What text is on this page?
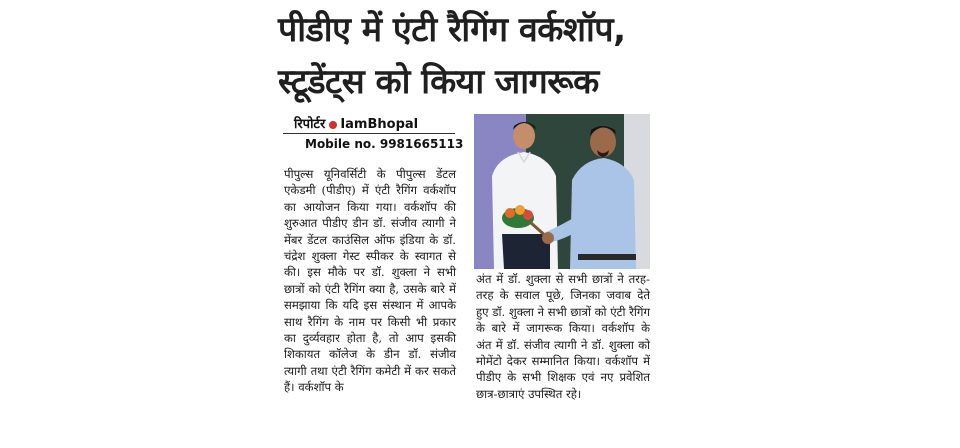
पीडीए में एंटी रैगिंग वर्कशॉप,
स्टूडेंट्स को किया जागरूक
रिपोर्टर IamBhopal
Mobile no. 9981665113
पीपुल्स यूनिवर्सिटी के पीपुल्स डेंटल एकेडमी (पीडीए) में एंटी रैगिंग वर्कशॉप का आयोजन किया गया। वर्कशॉप की शुरुआत पीडीए डीन डॉ. संजीव त्यागी ने मेंबर डेंटल काउंसिल ऑफ इंडिया के डॉ. चंद्रेश शुक्ला गेस्ट स्पीकर के स्वागत से की। इस मौके पर डॉ. शुक्ला ने सभी छात्रों को एंटी रैगिंग क्या है, उसके बारे में समझाया कि यदि इस संस्थान में आपके साथ रैगिंग के नाम पर किसी भी प्रकार का दुर्व्यवहार होता है, तो आप इसकी शिकायत कॉलेज के डीन डॉ. संजीव त्यागी तथा एंटी रैगिंग कमेटी में कर सकते हैं। वर्कशॉप के
अंत में डॉ. शुक्ला से सभी छात्रों ने तरह-तरह के सवाल पूछे, जिनका जवाब देते हुए डॉ. शुक्ला ने सभी छात्रों को एंटी रैगिंग के बारे में जागरूक किया। वर्कशॉप के अंत में डॉ. संजीव त्यागी ने डॉ. शुक्ला को मोमेंटो देकर सम्मानित किया। वर्कशॉप में पीडीए के सभी शिक्षक एवं नए प्रवेशित छात्र-छात्राएं उपस्थित रहे।
